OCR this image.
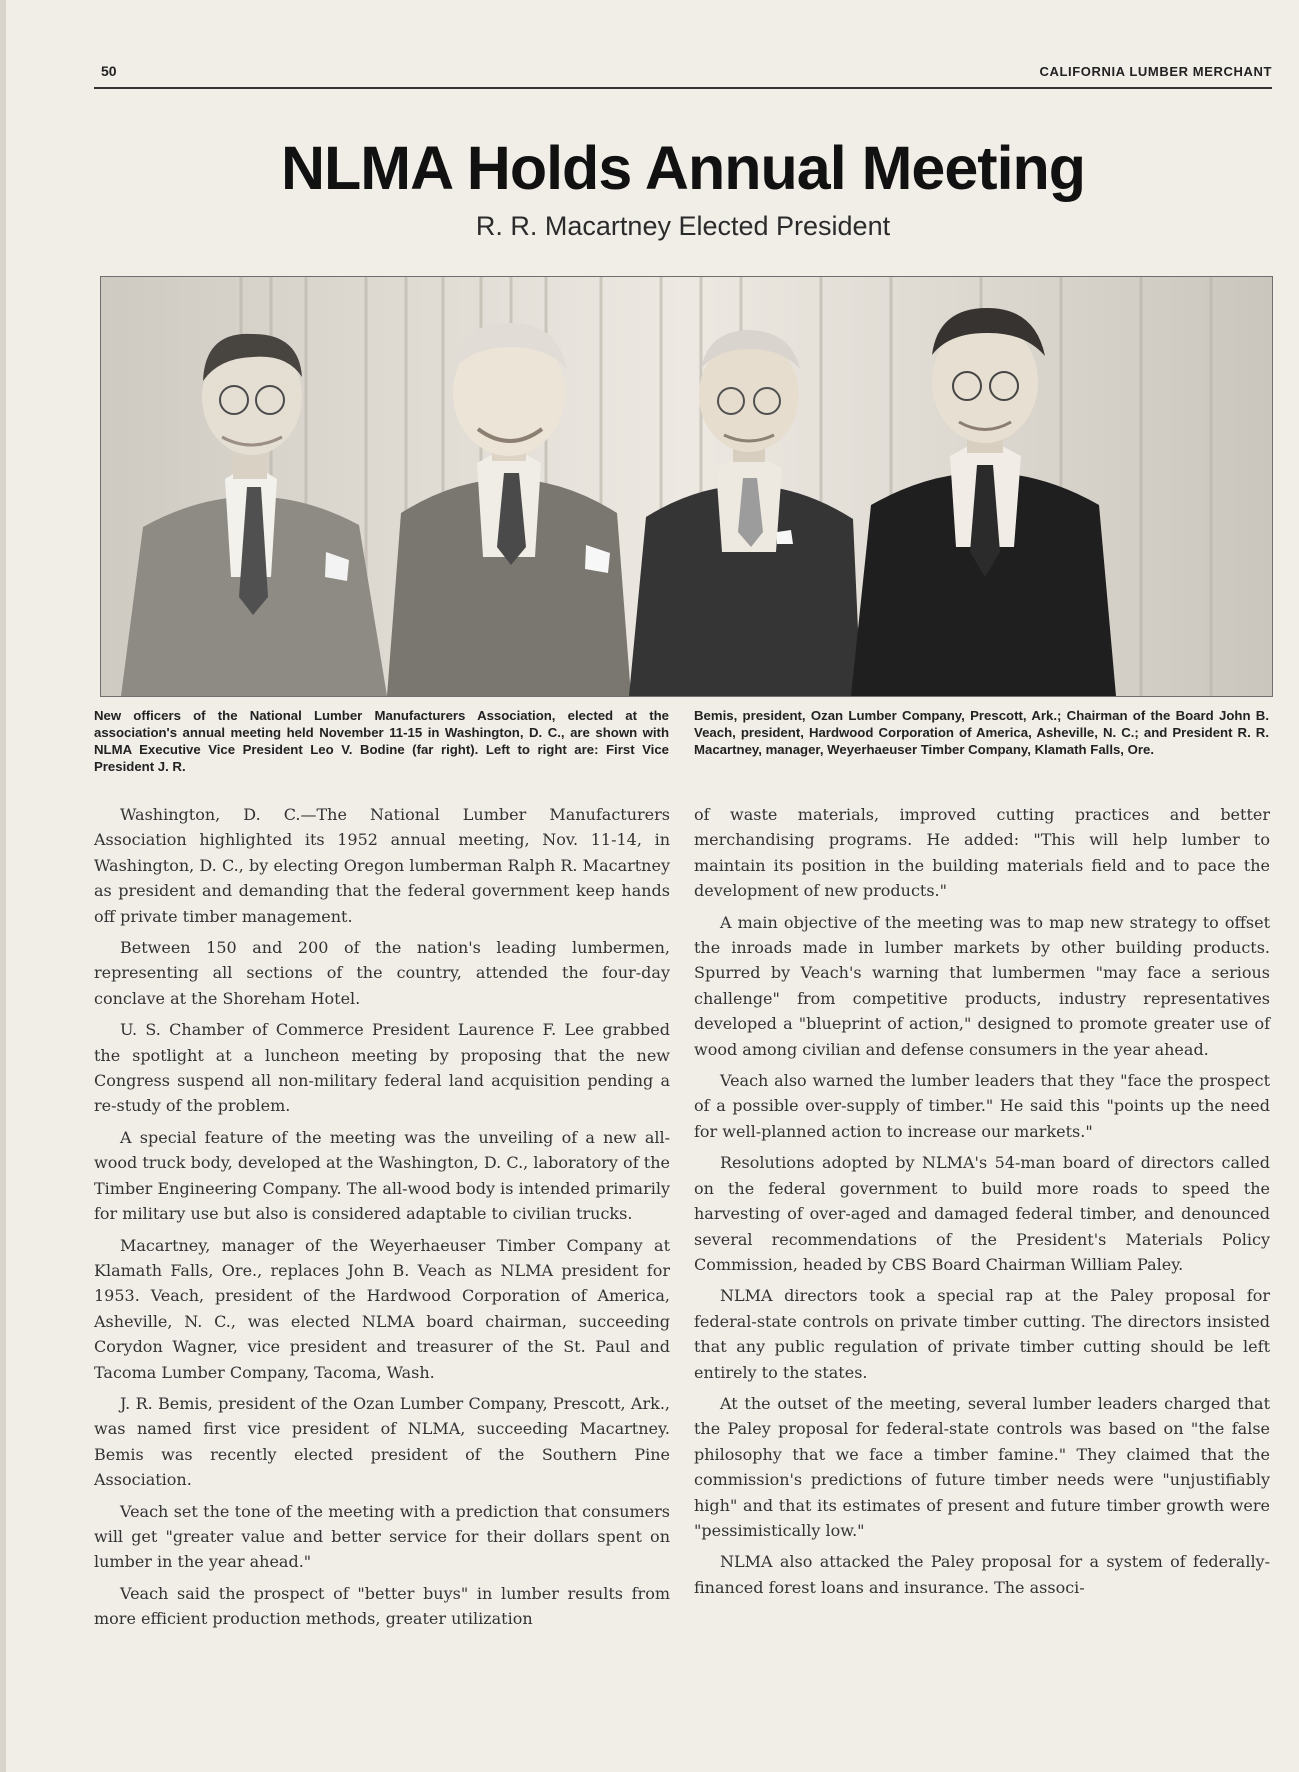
50	CALIFORNIA LUMBER MERCHANT
NLMA Holds Annual Meeting
R. R. Macartney Elected President
New officers of the National Lumber Manufacturers Association, elected at the association's annual meeting held November 11-15 in Washington, D. C., are shown with NLMA Executive Vice President Leo V. Bodine (far right). Left to right are: First Vice President J. R.
Bemis, president, Ozan Lumber Company, Prescott, Ark.; Chairman of the Board John B. Veach, president, Hardwood Corporation of America, Asheville, N. C.; and President R. R. Macartney, manager, Weyerhaeuser Timber Company, Klamath Falls, Ore.

Washington, D. C.—The National Lumber Manufacturers Association highlighted its 1952 annual meeting, Nov. 11-14, in Washington, D. C., by electing Oregon lumberman Ralph R. Macartney as president and demanding that the federal government keep hands off private timber management.

Between 150 and 200 of the nation's leading lumbermen, representing all sections of the country, attended the four-day conclave at the Shoreham Hotel.

U. S. Chamber of Commerce President Laurence F. Lee grabbed the spotlight at a luncheon meeting by proposing that the new Congress suspend all non-military federal land acquisition pending a re-study of the problem.

A special feature of the meeting was the unveiling of a new all-wood truck body, developed at the Washington, D. C., laboratory of the Timber Engineering Company. The all-wood body is intended primarily for military use but also is considered adaptable to civilian trucks.

Macartney, manager of the Weyerhaeuser Timber Company at Klamath Falls, Ore., replaces John B. Veach as NLMA president for 1953. Veach, president of the Hardwood Corporation of America, Asheville, N. C., was elected NLMA board chairman, succeeding Corydon Wagner, vice president and treasurer of the St. Paul and Tacoma Lumber Company, Tacoma, Wash.

J. R. Bemis, president of the Ozan Lumber Company, Prescott, Ark., was named first vice president of NLMA, succeeding Macartney. Bemis was recently elected president of the Southern Pine Association.

Veach set the tone of the meeting with a prediction that consumers will get "greater value and better service for their dollars spent on lumber in the year ahead."

Veach said the prospect of "better buys" in lumber results from more efficient production methods, greater utilization

of waste materials, improved cutting practices and better merchandising programs. He added: "This will help lumber to maintain its position in the building materials field and to pace the development of new products."

A main objective of the meeting was to map new strategy to offset the inroads made in lumber markets by other building products. Spurred by Veach's warning that lumbermen "may face a serious challenge" from competitive products, industry representatives developed a "blueprint of action," designed to promote greater use of wood among civilian and defense consumers in the year ahead.

Veach also warned the lumber leaders that they "face the prospect of a possible over-supply of timber." He said this "points up the need for well-planned action to increase our markets."

Resolutions adopted by NLMA's 54-man board of directors called on the federal government to build more roads to speed the harvesting of over-aged and damaged federal timber, and denounced several recommendations of the President's Materials Policy Commission, headed by CBS Board Chairman William Paley.

NLMA directors took a special rap at the Paley proposal for federal-state controls on private timber cutting. The directors insisted that any public regulation of private timber cutting should be left entirely to the states.

At the outset of the meeting, several lumber leaders charged that the Paley proposal for federal-state controls was based on "the false philosophy that we face a timber famine." They claimed that the commission's predictions of future timber needs were "unjustifiably high" and that its estimates of present and future timber growth were "pessimistically low."

NLMA also attacked the Paley proposal for a system of federally-financed forest loans and insurance. The associ-
